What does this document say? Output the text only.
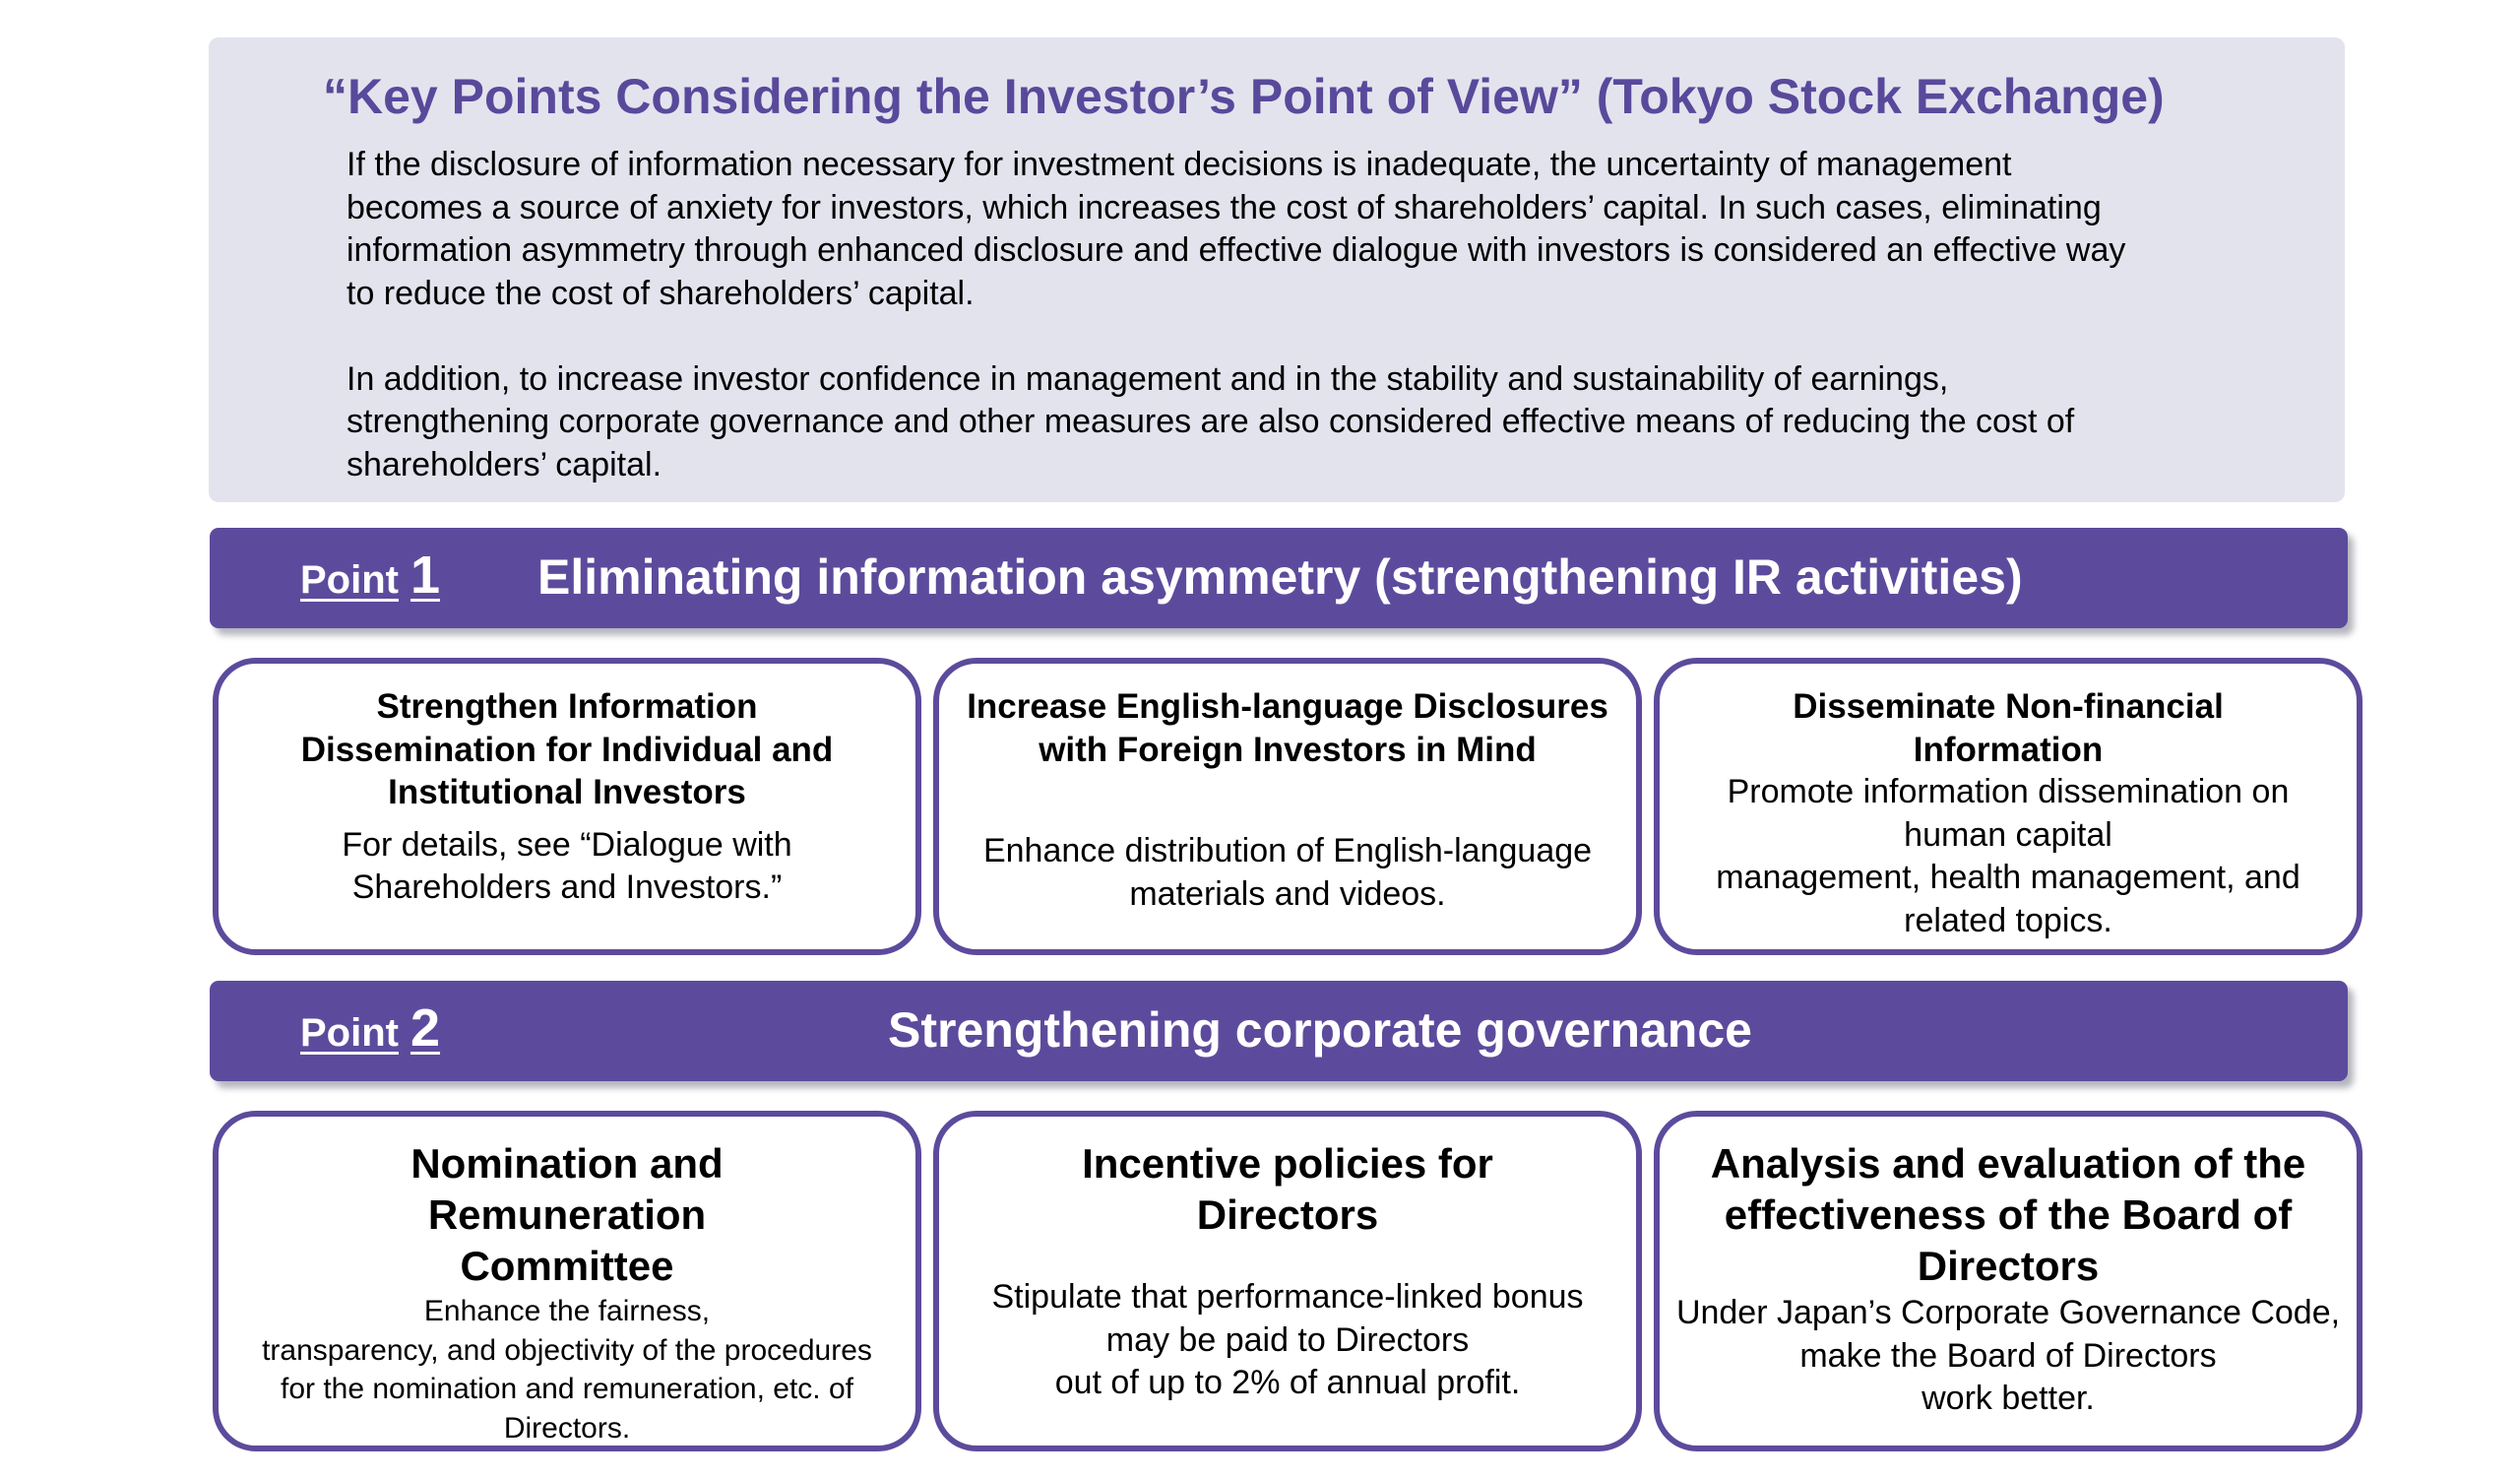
“Key Points Considering the Investor’s Point of View” (Tokyo Stock Exchange)

If the disclosure of information necessary for investment decisions is inadequate, the uncertainty of management
becomes a source of anxiety for investors, which increases the cost of shareholders’ capital. In such cases, eliminating
information asymmetry through enhanced disclosure and effective dialogue with investors is considered an effective way
to reduce the cost of shareholders’ capital.

In addition, to increase investor confidence in management and in the stability and sustainability of earnings,
strengthening corporate governance and other measures are also considered effective means of reducing the cost of
shareholders’ capital.

Point 1 Eliminating information asymmetry (strengthening IR activities)
Strengthen Information
Dissemination for Individual and
Institutional Investors
For details, see “Dialogue with
Shareholders and Investors.”
Increase English-language Disclosures
with Foreign Investors in Mind
Enhance distribution of English-language
materials and videos.
Disseminate Non-financial
Information
Promote information dissemination on
human capital
management, health management, and
related topics.
Point 2	Strengthening corporate governance
Nomination and
Remuneration
Committee
Enhance the fairness,
transparency, and objectivity of the procedures
for the nomination and remuneration, etc. of
Directors.
Incentive policies for
Directors
Stipulate that performance-linked bonus
may be paid to Directors
out of up to 2% of annual profit.
Analysis and evaluation of the
effectiveness of the Board of
Directors
Under Japan’s Corporate Governance Code,
make the Board of Directors
work better.
